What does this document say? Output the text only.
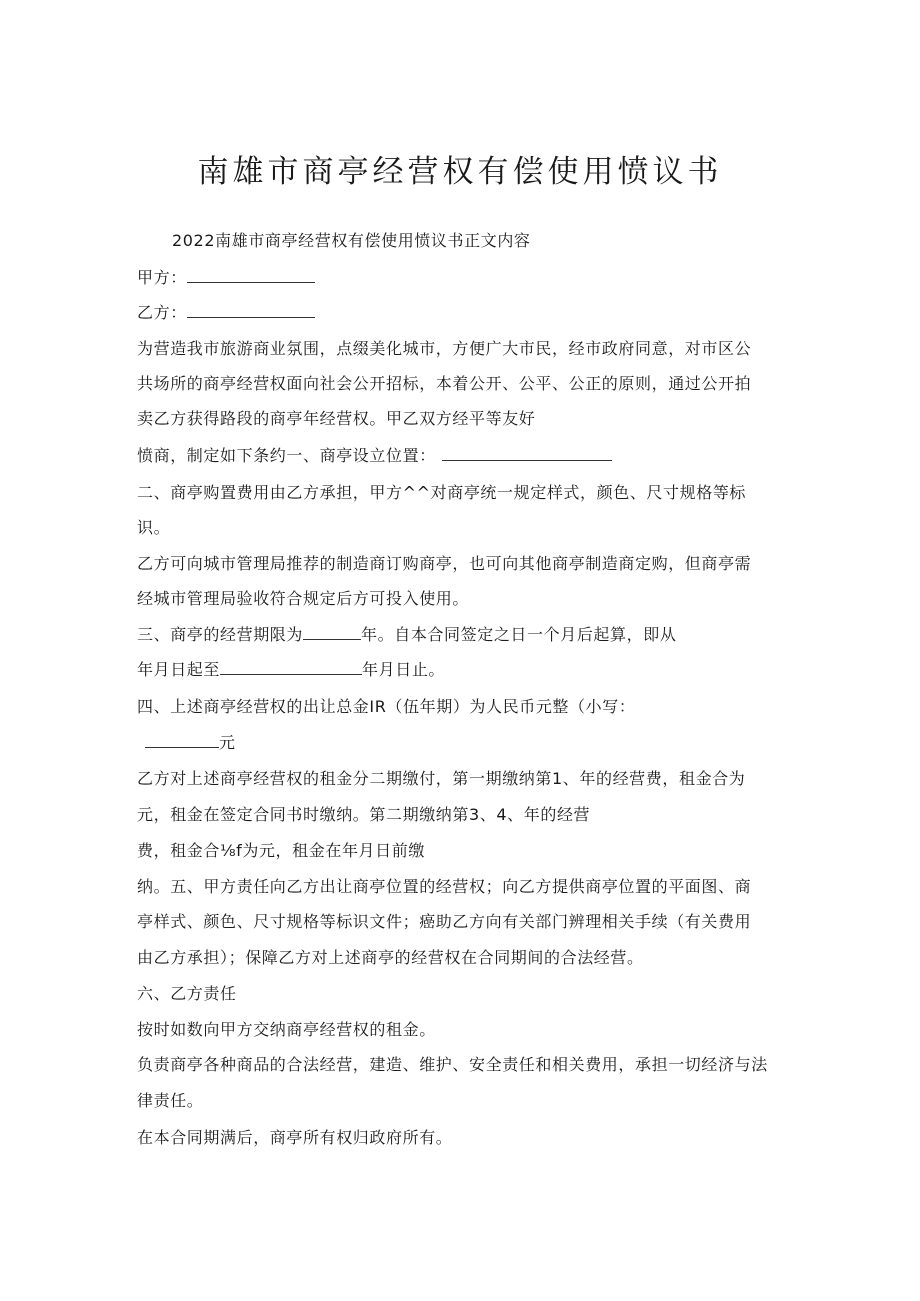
南雄市商亭经营权有偿使用愤议书
2022南雄市商亭经营权有偿使用愤议书正文内容
甲方：
乙方：
为营造我市旅游商业氛围，点缀美化城市，方便广大市民，经市政府同意，对市区公
共场所的商亭经营权面向社会公开招标，本着公开、公平、公正的原则，通过公开拍
卖乙方获得路段的商亭年经营权。甲乙双方经平等友好
愤商，制定如下条约一、商亭设立位置：
二、商亭购置费用由乙方承担，甲方^^对商亭统一规定样式，颜色、尺寸规格等标
识。
乙方可向城市管理局推荐的制造商订购商亭，也可向其他商亭制造商定购，但商亭需
经城市管理局验收符合规定后方可投入使用。
三、商亭的经营期限为	年。自本合同签定之日一个月后起算，即从
年月日起至	年月日止。
四、上述商亭经营权的出让总金IR（伍年期）为人民币元整（小写：
元
乙方对上述商亭经营权的租金分二期缴付，第一期缴纳第1、年的经营费，租金合为
元，租金在签定合同书时缴纳。第二期缴纳第3、4、年的经营
费，租金合⅛f为元，租金在年月日前缴
纳。五、甲方责任向乙方出让商亭位置的经营权；向乙方提供商亭位置的平面图、商
亭样式、颜色、尺寸规格等标识文件；癌助乙方向有关部门辨理相关手续（有关费用
由乙方承担）；保障乙方对上述商亭的经营权在合同期间的合法经营。
六、乙方责任
按时如数向甲方交纳商亭经营权的租金。
负责商亭各种商品的合法经营，建造、维护、安全责任和相关费用，承担一切经济与法
律责任。
在本合同期满后，商亭所有权归政府所有。
